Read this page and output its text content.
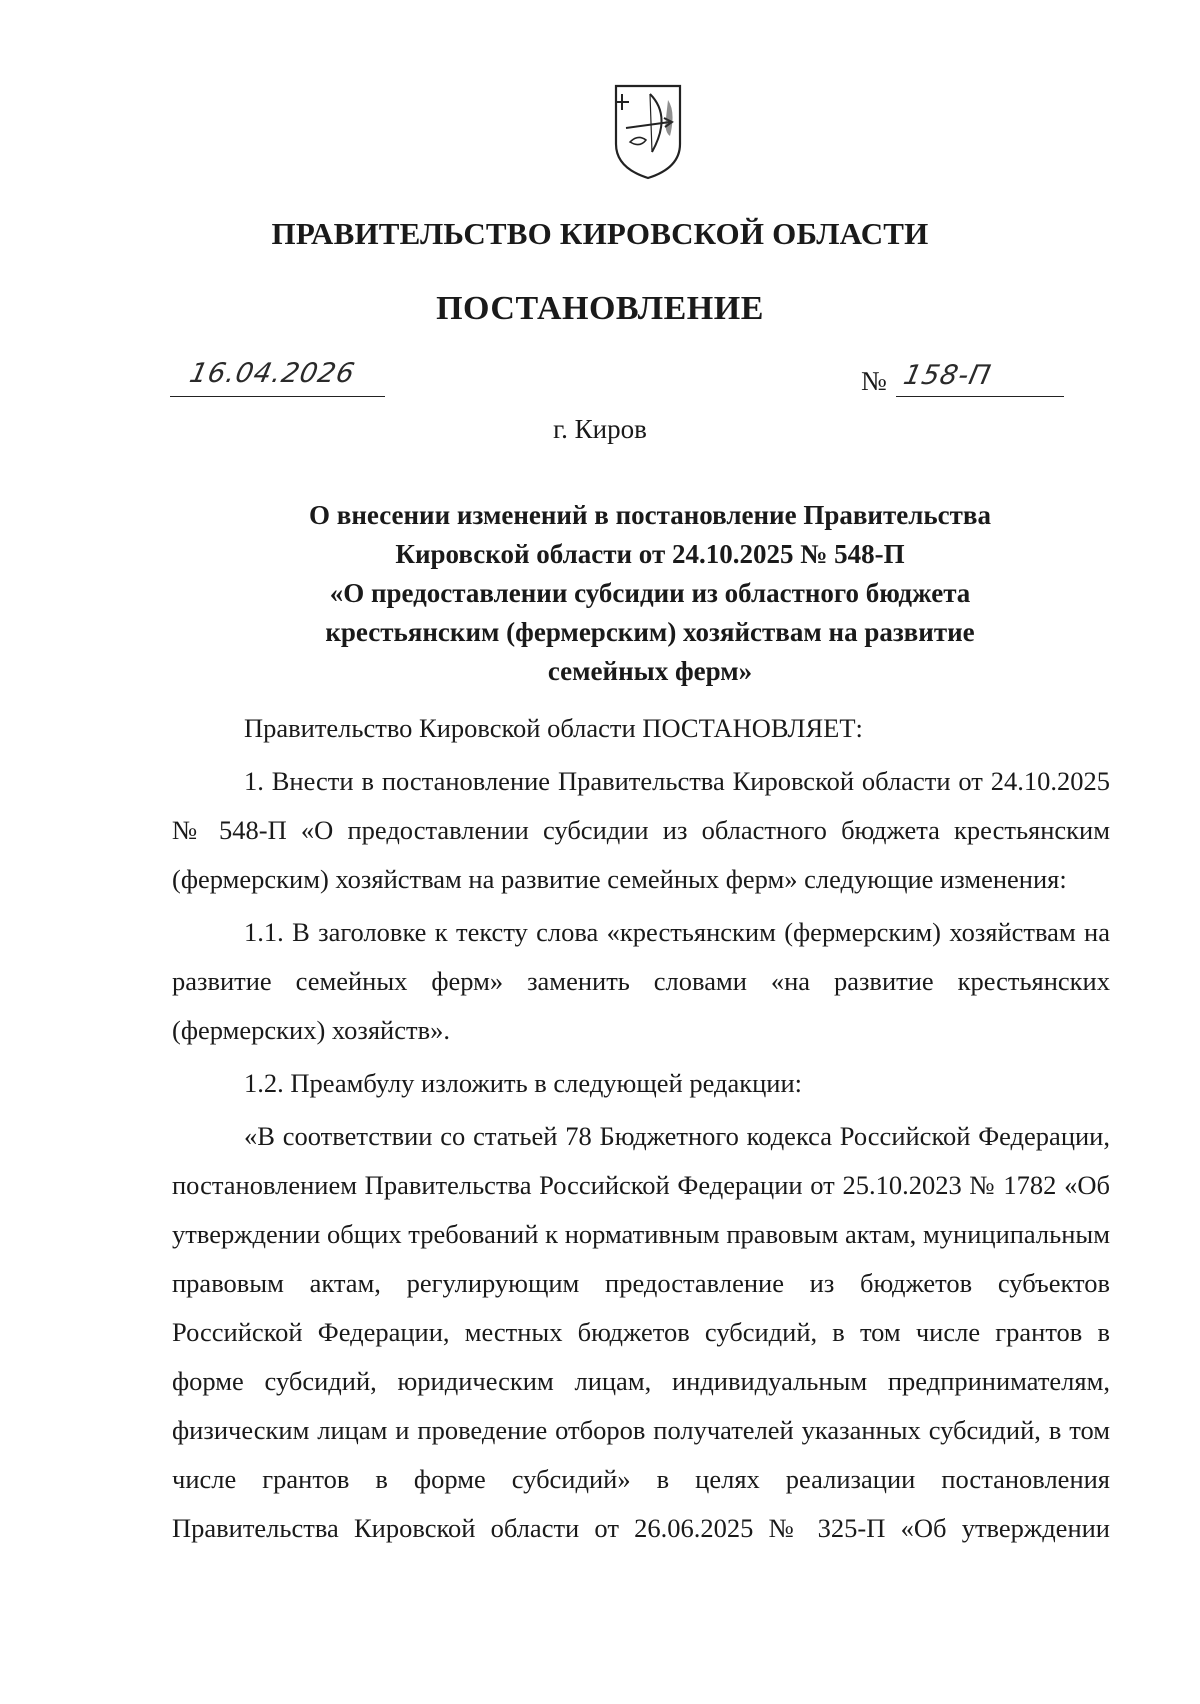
ПРАВИТЕЛЬСТВО КИРОВСКОЙ ОБЛАСТИ
ПОСТАНОВЛЕНИЕ
16.04.2026	№ 158-П
г. Киров
О внесении изменений в постановление Правительства
Кировской области от 24.10.2025 № 548-П
«О предоставлении субсидии из областного бюджета
крестьянским (фермерским) хозяйствам на развитие
семейных ферм»

Правительство Кировской области ПОСТАНОВЛЯЕТ:

1. Внести в постановление Правительства Кировской области от 24.10.2025 № 548-П «О предоставлении субсидии из областного бюджета крестьянским (фермерским) хозяйствам на развитие семейных ферм» следующие изменения:

1.1. В заголовке к тексту слова «крестьянским (фермерским) хозяйствам на развитие семейных ферм» заменить словами «на развитие крестьянских (фермерских) хозяйств».

1.2. Преамбулу изложить в следующей редакции:

«В соответствии со статьей 78 Бюджетного кодекса Российской Федерации, постановлением Правительства Российской Федерации от 25.10.2023 № 1782 «Об утверждении общих требований к нормативным правовым актам, муниципальным правовым актам, регулирующим предоставление из бюджетов субъектов Российской Федерации, местных бюджетов субсидий, в том числе грантов в форме субсидий, юридическим лицам, индивидуальным предпринимателям, физическим лицам и проведение отборов получателей указанных субсидий, в том числе грантов в форме субсидий» в целях реализации постановления Правительства Кировской области от 26.06.2025 № 325-П «Об утверждении
